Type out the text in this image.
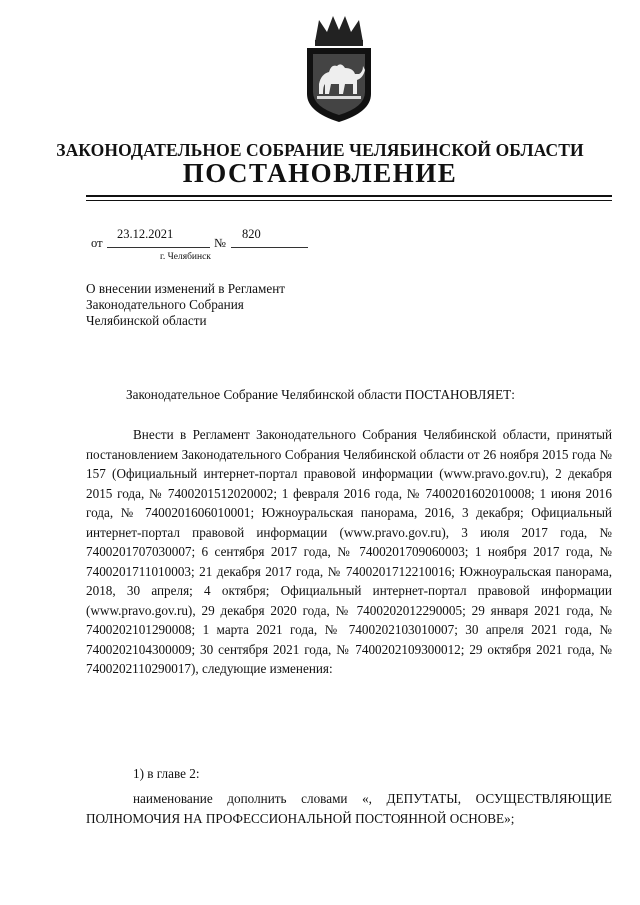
ЗАКОНОДАТЕЛЬНОЕ СОБРАНИЕ ЧЕЛЯБИНСКОЙ ОБЛАСТИ
ПОСТАНОВЛЕНИЕ
от
23.12.2021
№
820
г. Челябинск
О внесении изменений в Регламент Законодательного Собрания Челябинской области
Законодательное Собрание Челябинской области ПОСТАНОВЛЯЕТ:
Внести в Регламент Законодательного Собрания Челябинской области, принятый постановлением Законодательного Собрания Челябинской области от 26 ноября 2015 года № 157 (Официальный интернет-портал правовой информации (www.pravo.gov.ru), 2 декабря 2015 года, № 7400201512020002; 1 февраля 2016 года, № 7400201602010008; 1 июня 2016 года, № 7400201606010001; Южноуральская панорама, 2016, 3 декабря; Официальный интернет-портал правовой информации (www.pravo.gov.ru), 3 июля 2017 года, № 7400201707030007; 6 сентября 2017 года, № 7400201709060003; 1 ноября 2017 года, № 7400201711010003; 21 декабря 2017 года, № 7400201712210016; Южноуральская панорама, 2018, 30 апреля; 4 октября; Официальный интернет-портал правовой информации (www.pravo.gov.ru), 29 декабря 2020 года, № 7400202012290005; 29 января 2021 года, № 7400202101290008; 1 марта 2021 года, № 7400202103010007; 30 апреля 2021 года, № 7400202104300009; 30 сентября 2021 года, № 7400202109300012; 29 октября 2021 года, № 7400202110290017), следующие изменения:
1) в главе 2:
наименование дополнить словами «, ДЕПУТАТЫ, ОСУЩЕСТВЛЯЮЩИЕ ПОЛНОМОЧИЯ НА ПРОФЕССИОНАЛЬНОЙ ПОСТОЯННОЙ ОСНОВЕ»;
